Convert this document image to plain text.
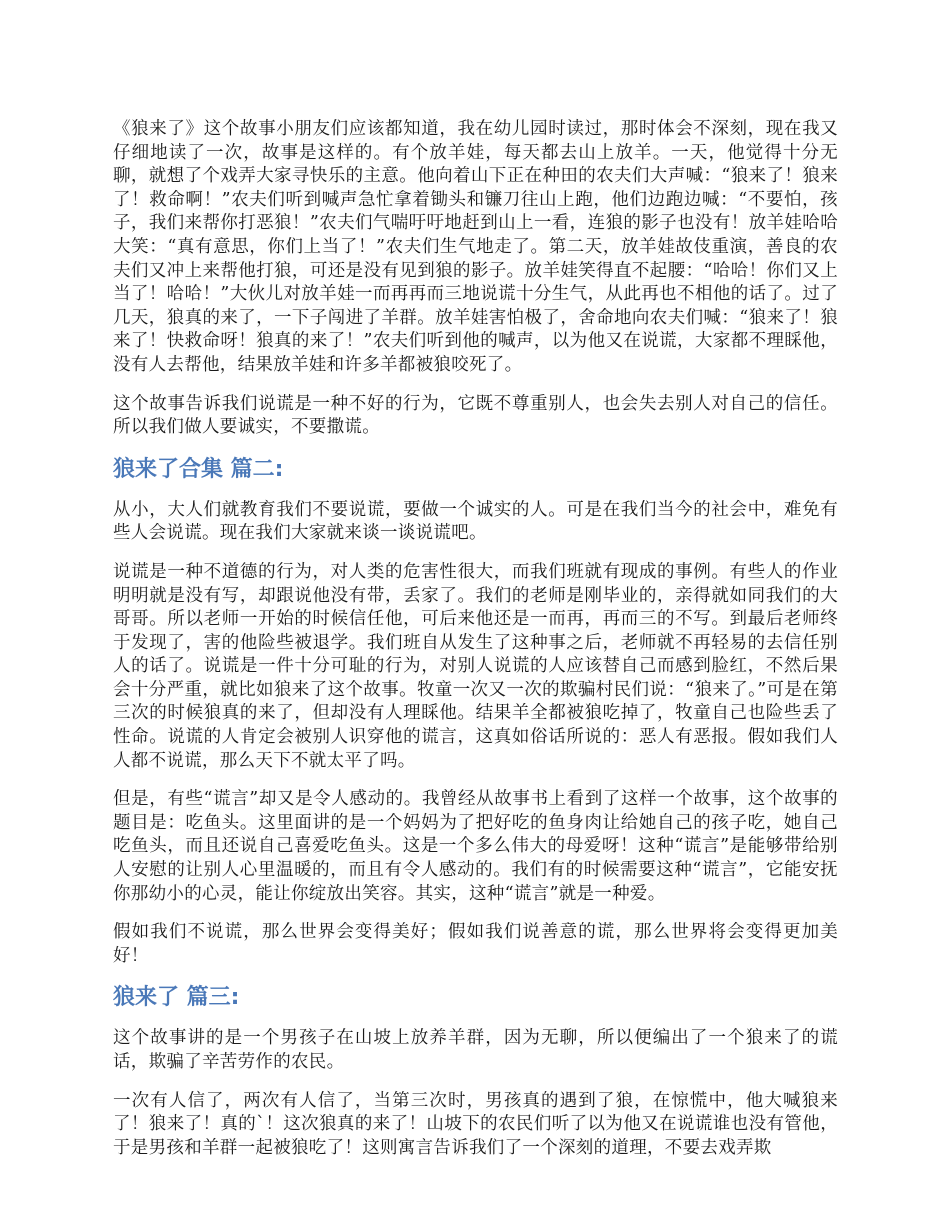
《狼来了》这个故事小朋友们应该都知道，我在幼儿园时读过，那时体会不深刻，现在我又仔细地读了一次，故事是这样的。有个放羊娃，每天都去山上放羊。一天，他觉得十分无聊，就想了个戏弄大家寻快乐的主意。他向着山下正在种田的农夫们大声喊：“狼来了！狼来了！救命啊！”农夫们听到喊声急忙拿着锄头和镰刀往山上跑，他们边跑边喊：“不要怕，孩子，我们来帮你打恶狼！”农夫们气喘吁吁地赶到山上一看，连狼的影子也没有！放羊娃哈哈大笑：“真有意思，你们上当了！”农夫们生气地走了。第二天，放羊娃故伎重演，善良的农夫们又冲上来帮他打狼，可还是没有见到狼的影子。放羊娃笑得直不起腰：“哈哈！你们又上当了！哈哈！”大伙儿对放羊娃一而再再而三地说谎十分生气，从此再也不相他的话了。过了几天，狼真的来了，一下子闯进了羊群。放羊娃害怕极了，舍命地向农夫们喊：“狼来了！狼来了！快救命呀！狼真的来了！”农夫们听到他的喊声，以为他又在说谎，大家都不理睬他，没有人去帮他，结果放羊娃和许多羊都被狼咬死了。

这个故事告诉我们说谎是一种不好的行为，它既不尊重别人，也会失去别人对自己的信任。所以我们做人要诚实，不要撒谎。

狼来了合集 篇二:

从小，大人们就教育我们不要说谎，要做一个诚实的人。可是在我们当今的社会中，难免有些人会说谎。现在我们大家就来谈一谈说谎吧。

说谎是一种不道德的行为，对人类的危害性很大，而我们班就有现成的事例。有些人的作业明明就是没有写，却跟说他没有带，丢家了。我们的老师是刚毕业的，亲得就如同我们的大哥哥。所以老师一开始的时候信任他，可后来他还是一而再，再而三的不写。到最后老师终于发现了，害的他险些被退学。我们班自从发生了这种事之后，老师就不再轻易的去信任别人的话了。说谎是一件十分可耻的行为，对别人说谎的人应该替自己而感到脸红，不然后果会十分严重，就比如狼来了这个故事。牧童一次又一次的欺骗村民们说：“狼来了。”可是在第三次的时候狼真的来了，但却没有人理睬他。结果羊全都被狼吃掉了，牧童自己也险些丢了性命。说谎的人肯定会被别人识穿他的谎言，这真如俗话所说的：恶人有恶报。假如我们人人都不说谎，那么天下不就太平了吗。

但是，有些“谎言”却又是令人感动的。我曾经从故事书上看到了这样一个故事，这个故事的题目是：吃鱼头。这里面讲的是一个妈妈为了把好吃的鱼身肉让给她自己的孩子吃，她自己吃鱼头，而且还说自己喜爱吃鱼头。这是一个多么伟大的母爱呀！这种“谎言”是能够带给别人安慰的让别人心里温暖的，而且有令人感动的。我们有的时候需要这种“谎言”，它能安抚你那幼小的心灵，能让你绽放出笑容。其实，这种“谎言”就是一种爱。

假如我们不说谎，那么世界会变得美好；假如我们说善意的谎，那么世界将会变得更加美好！

狼来了 篇三:

这个故事讲的是一个男孩子在山坡上放养羊群，因为无聊，所以便编出了一个狼来了的谎话，欺骗了辛苦劳作的农民。

一次有人信了，两次有人信了，当第三次时，男孩真的遇到了狼，在惊慌中，他大喊狼来了！狼来了！真的`！这次狼真的来了！山坡下的农民们听了以为他又在说谎谁也没有管他，于是男孩和羊群一起被狼吃了！这则寓言告诉我们了一个深刻的道理，不要去戏弄欺
